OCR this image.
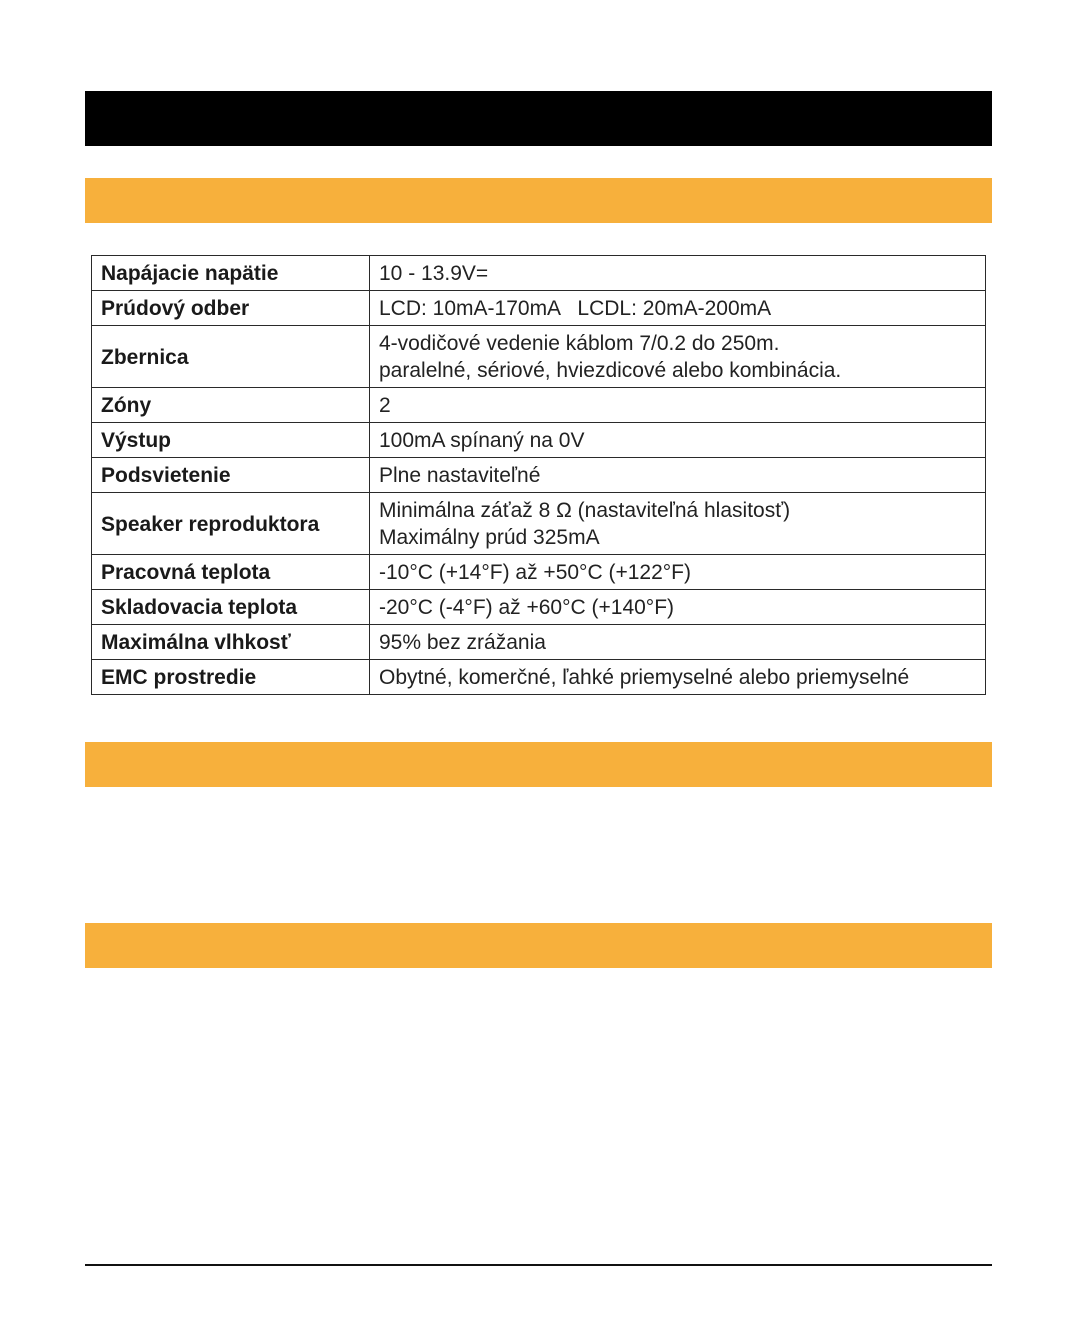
Napájacie napätie	10 - 13.9V=

Prúdový odber	LCD: 10mA-170mA   LCDL: 20mA-200mA

Zbernica	4-vodičové vedenie káblom 7/0.2 do 250m.
paralelné, sériové, hviezdicové alebo kombinácia.

Zóny	2

Výstup	100mA spínaný na 0V

Podsvietenie	Plne nastaviteľné

Speaker reproduktora	Minimálna záťaž 8 Ω (nastaviteľná hlasitosť)
Maximálny prúd 325mA

Pracovná teplota	-10°C (+14°F) až +50°C (+122°F)

Skladovacia teplota	-20°C (-4°F) až +60°C (+140°F)

Maximálna vlhkosť	95% bez zrážania

EMC prostredie	Obytné, komerčné, ľahké priemyselné alebo priemyselné
